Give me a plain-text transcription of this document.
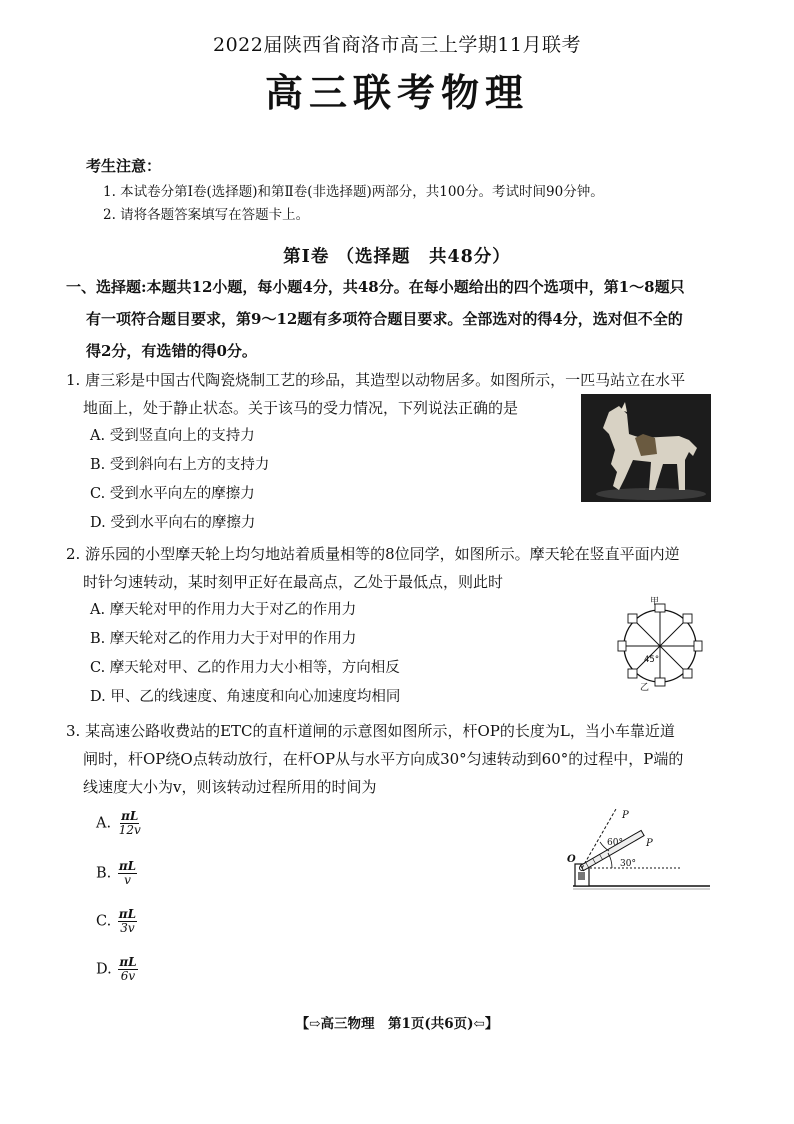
2022届陕西省商洛市高三上学期11月联考
高三联考物理
考生注意：
1. 本试卷分第Ⅰ卷(选择题)和第Ⅱ卷(非选择题)两部分，共100分。考试时间90分钟。
2. 请将各题答案填写在答题卡上。
第Ⅰ卷 （选择题　共48分）
一、选择题:本题共12小题，每小题4分，共48分。在每小题给出的四个选项中，第1～8题只
有一项符合题目要求，第9～12题有多项符合题目要求。全部选对的得4分，选对但不全的
得2分，有选错的得0分。
1. 唐三彩是中国古代陶瓷烧制工艺的珍品，其造型以动物居多。如图所示，一匹马站立在水平
地面上，处于静止状态。关于该马的受力情况，下列说法正确的是
A. 受到竖直向上的支持力
B. 受到斜向右上方的支持力
C. 受到水平向左的摩擦力
D. 受到水平向右的摩擦力
2. 游乐园的小型摩天轮上均匀地站着质量相等的8位同学，如图所示。摩天轮在竖直平面内逆
时针匀速转动，某时刻甲正好在最高点，乙处于最低点，则此时
A. 摩天轮对甲的作用力大于对乙的作用力
B. 摩天轮对乙的作用力大于对甲的作用力
C. 摩天轮对甲、乙的作用力大小相等，方向相反
D. 甲、乙的线速度、角速度和向心加速度均相同
甲
乙
45°
3. 某高速公路收费站的ETC的直杆道闸的示意图如图所示，杆OP的长度为L，当小车靠近道
闸时，杆OP绕O点转动放行，在杆OP从与水平方向成30°匀速转动到60°的过程中，P端的
线速度大小为v，则该转动过程所用的时间为
A. $\frac{\pi L}{12v}$
B. $\frac{\pi L}{v}$
C. $\frac{\pi L}{3v}$
D. $\frac{\pi L}{6v}$
O
P
P
60°
30°
【⇨高三物理　第1页(共6页)⇦】
